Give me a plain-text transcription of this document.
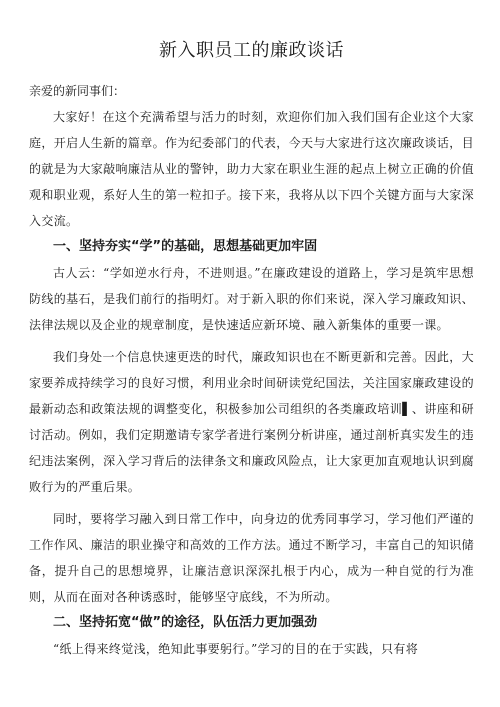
新入职员工的廉政谈话

亲爱的新同事们：

大家好！在这个充满希望与活力的时刻，欢迎你们加入我们国有企业这个大家庭，开启人生新的篇章。作为纪委部门的代表，今天与大家进行这次廉政谈话，目的就是为大家敲响廉洁从业的警钟，助力大家在职业生涯的起点上树立正确的价值观和职业观，系好人生的第一粒扣子。接下来，我将从以下四个关键方面与大家深入交流。

一、坚持夯实“学”的基础，思想基础更加牢固

古人云：“学如逆水行舟，不进则退。”在廉政建设的道路上，学习是筑牢思想防线的基石，是我们前行的指明灯。对于新入职的你们来说，深入学习廉政知识、法律法规以及企业的规章制度，是快速适应新环境、融入新集体的重要一课。

我们身处一个信息快速更迭的时代，廉政知识也在不断更新和完善。因此，大家要养成持续学习的良好习惯，利用业余时间研读党纪国法，关注国家廉政建设的最新动态和政策法规的调整变化，积极参加公司组织的各类廉政培训▌、讲座和研讨活动。例如，我们定期邀请专家学者进行案例分析讲座，通过剖析真实发生的违纪违法案例，深入学习背后的法律条文和廉政风险点，让大家更加直观地认识到腐败行为的严重后果。

同时，要将学习融入到日常工作中，向身边的优秀同事学习，学习他们严谨的工作作风、廉洁的职业操守和高效的工作方法。通过不断学习，丰富自己的知识储备，提升自己的思想境界，让廉洁意识深深扎根于内心，成为一种自觉的行为准则，从而在面对各种诱惑时，能够坚守底线，不为所动。

二、坚持拓宽“做”的途径，队伍活力更加强劲

“纸上得来终觉浅，绝知此事要躬行。”学习的目的在于实践，只有将
